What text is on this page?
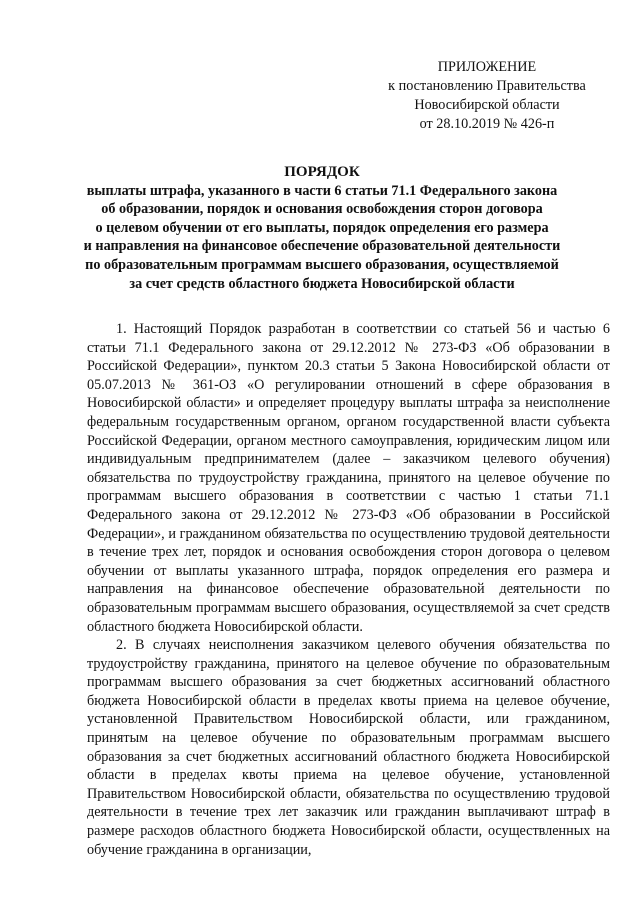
ПРИЛОЖЕНИЕ
к постановлению Правительства
Новосибирской области
от 28.10.2019 № 426-п
ПОРЯДОК
выплаты штрафа, указанного в части 6 статьи 71.1 Федерального закона
об образовании, порядок и основания освобождения сторон договора
о целевом обучении от его выплаты, порядок определения его размера
и направления на финансовое обеспечение образовательной деятельности
по образовательным программам высшего образования, осуществляемой
за счет средств областного бюджета Новосибирской области

1. Настоящий Порядок разработан в соответствии со статьей 56 и частью 6 статьи 71.1 Федерального закона от 29.12.2012 № 273-ФЗ «Об образовании в Российской Федерации», пунктом 20.3 статьи 5 Закона Новосибирской области от 05.07.2013 № 361-ОЗ «О регулировании отношений в сфере образования в Новосибирской области» и определяет процедуру выплаты штрафа за неисполнение федеральным государственным органом, органом государственной власти субъекта Российской Федерации, органом местного самоуправления, юридическим лицом или индивидуальным предпринимателем (далее – заказчиком целевого обучения) обязательства по трудоустройству гражданина, принятого на целевое обучение по программам высшего образования в соответствии с частью 1 статьи 71.1 Федерального закона от 29.12.2012 № 273-ФЗ «Об образовании в Российской Федерации», и гражданином обязательства по осуществлению трудовой деятельности в течение трех лет, порядок и основания освобождения сторон договора о целевом обучении от выплаты указанного штрафа, порядок определения его размера и направления на финансовое обеспечение образовательной деятельности по образовательным программам высшего образования, осуществляемой за счет средств областного бюджета Новосибирской области.

2. В случаях неисполнения заказчиком целевого обучения обязательства по трудоустройству гражданина, принятого на целевое обучение по образовательным программам высшего образования за счет бюджетных ассигнований областного бюджета Новосибирской области в пределах квоты приема на целевое обучение, установленной Правительством Новосибирской области, или гражданином, принятым на целевое обучение по образовательным программам высшего образования за счет бюджетных ассигнований областного бюджета Новосибирской области в пределах квоты приема на целевое обучение, установленной Правительством Новосибирской области, обязательства по осуществлению трудовой деятельности в течение трех лет заказчик или гражданин выплачивают штраф в размере расходов областного бюджета Новосибирской области, осуществленных на обучение гражданина в организации,
